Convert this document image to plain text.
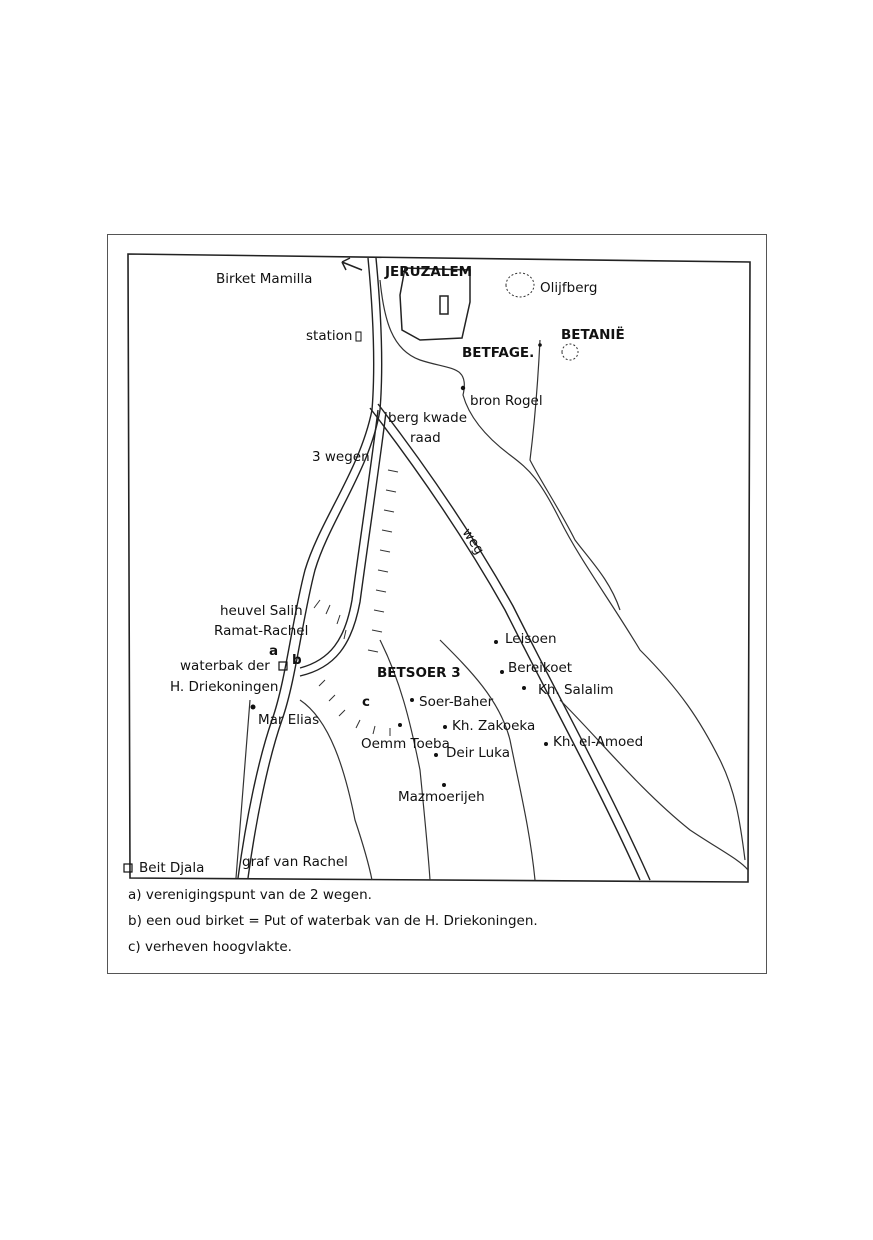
JERUZALEM
Birket Mamilla
Olijfberg
BETANIË
BETFAGE.
station
bron Rogel
berg kwade
raad
3 wegen
weg
heuvel Salih
Ramat-Rachel
a
b
waterbak der
H. Driekoningen
Mar Elias
BETSOER 3
c
Leisoen
Bereikoet
Kh. Salalim
Soer-Baher
Kh. Zakoeka
Oemm Toeba
Deir Luka
Kh. el-Amoed
Mazmoerijeh
Beit Djala	graf van Rachel
a) verenigingspunt van de 2 wegen.
b) een oud birket = Put of waterbak van de H. Driekoningen.
c) verheven hoogvlakte.
